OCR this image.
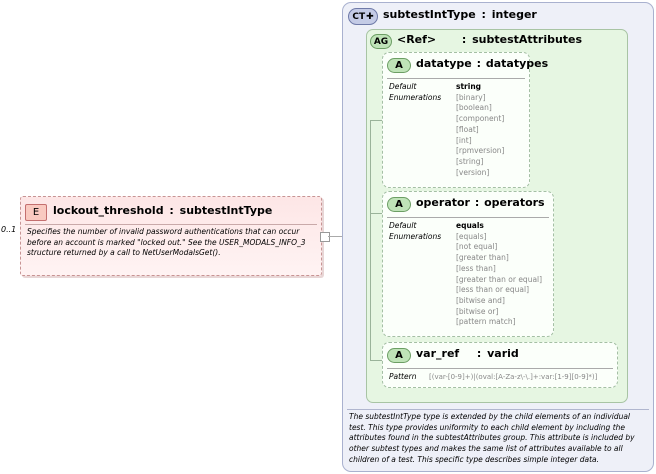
E lockout_threshold : subtestIntType
Specifies the number of invalid password authentications that can occur before an account is marked "locked out." See the USER_MODALS_INFO_3 structure returned by a call to NetUserModalsGet().
0..1
CT ✚ subtestIntType : integer
The subtestIntType type is extended by the child elements of an individual test. This type provides uniformity to each child element by including the attributes found in the subtestAttributes group. This attribute is included by other subtest types and makes the same list of attributes available to all children of a test. This specific type describes simple integer data.
AG <Ref> : subtestAttributes
A datatype : datatypes
Default
Enumerations
string
[binary]
[boolean]
[component]
[float]
[int]
[rpmversion]
[string]
[version]
A operator : operators
Default
Enumerations
equals
[equals]
[not equal]
[greater than]
[less than]
[greater than or equal]
[less than or equal]
[bitwise and]
[bitwise or]
[pattern match]
A var_ref : varid
Pattern [(var-[0-9]+)|(oval:[A-Za-z\-\.]+:var:[1-9][0-9]*)]
